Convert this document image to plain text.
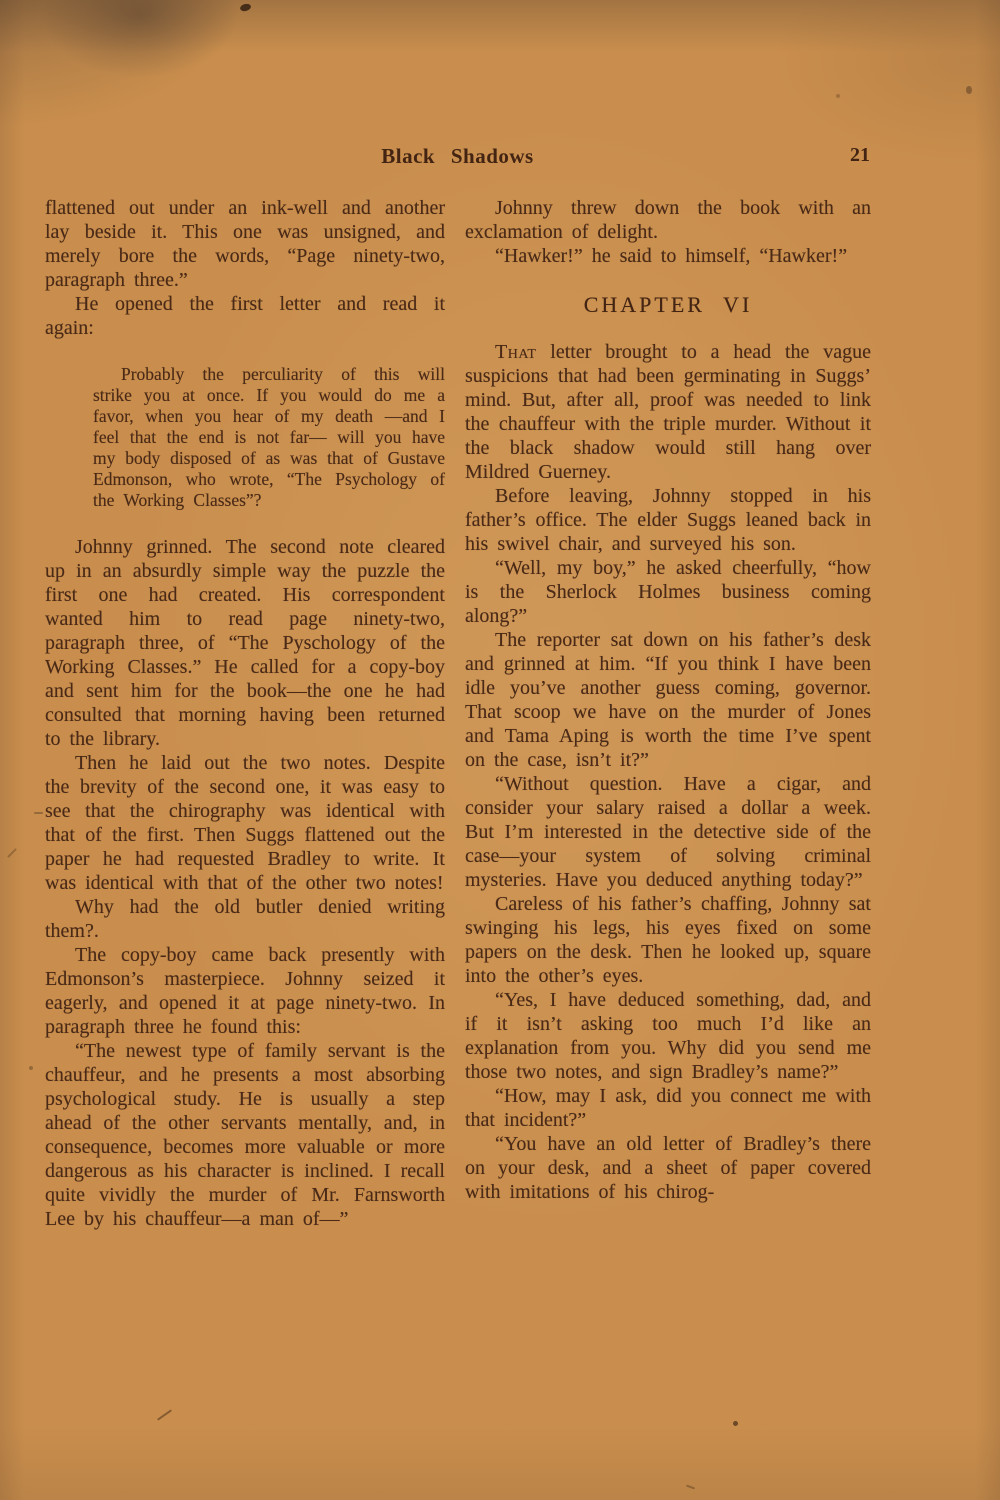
Black Shadows	21

flattened out under an ink-well and another lay beside it. This one was unsigned, and merely bore the words, “Page ninety-two, paragraph three.”

He opened the first letter and read it again:

Probably the perculiarity of this will strike you at once. If you would do me a favor, when you hear of my death —and I feel that the end is not far— will you have my body disposed of as was that of Gustave Edmonson, who wrote, “The Psychology of the Working Classes”?

Johnny grinned. The second note cleared up in an absurdly simple way the puzzle the first one had created. His correspondent wanted him to read page ninety-two, paragraph three, of “The Pyschology of the Working Classes.” He called for a copy-boy and sent him for the book—the one he had consulted that morning having been returned to the library.

Then he laid out the two notes. Despite the brevity of the second one, it was easy to see that the chirography was identical with that of the first. Then Suggs flattened out the paper he had requested Bradley to write. It was identical with that of the other two notes!

Why had the old butler denied writing them?.

The copy-boy came back presently with Edmonson’s masterpiece. Johnny seized it eagerly, and opened it at page ninety-two. In paragraph three he found this:

“The newest type of family servant is the chauffeur, and he presents a most absorbing psychological study. He is usually a step ahead of the other servants mentally, and, in consequence, becomes more valuable or more dangerous as his character is inclined. I recall quite vividly the murder of Mr. Farnsworth Lee by his chauffeur—a man of—”

Johnny threw down the book with an exclamation of delight.

“Hawker!” he said to himself, “Hawker!”

CHAPTER VI

That letter brought to a head the vague suspicions that had been germinating in Suggs’ mind. But, after all, proof was needed to link the chauffeur with the triple murder. Without it the black shadow would still hang over Mildred Guerney.

Before leaving, Johnny stopped in his father’s office. The elder Suggs leaned back in his swivel chair, and surveyed his son.

“Well, my boy,” he asked cheerfully, “how is the Sherlock Holmes business coming along?”

The reporter sat down on his father’s desk and grinned at him. “If you think I have been idle you’ve another guess coming, governor. That scoop we have on the murder of Jones and Tama Aping is worth the time I’ve spent on the case, isn’t it?”

“Without question. Have a cigar, and consider your salary raised a dollar a week. But I’m interested in the detective side of the case—your system of solving criminal mysteries. Have you deduced anything today?”

Careless of his father’s chaffing, Johnny sat swinging his legs, his eyes fixed on some papers on the desk. Then he looked up, square into the other’s eyes.

“Yes, I have deduced something, dad, and if it isn’t asking too much I’d like an explanation from you. Why did you send me those two notes, and sign Bradley’s name?”

“How, may I ask, did you connect me with that incident?”

“You have an old letter of Bradley’s there on your desk, and a sheet of paper covered with imitations of his chirog-
